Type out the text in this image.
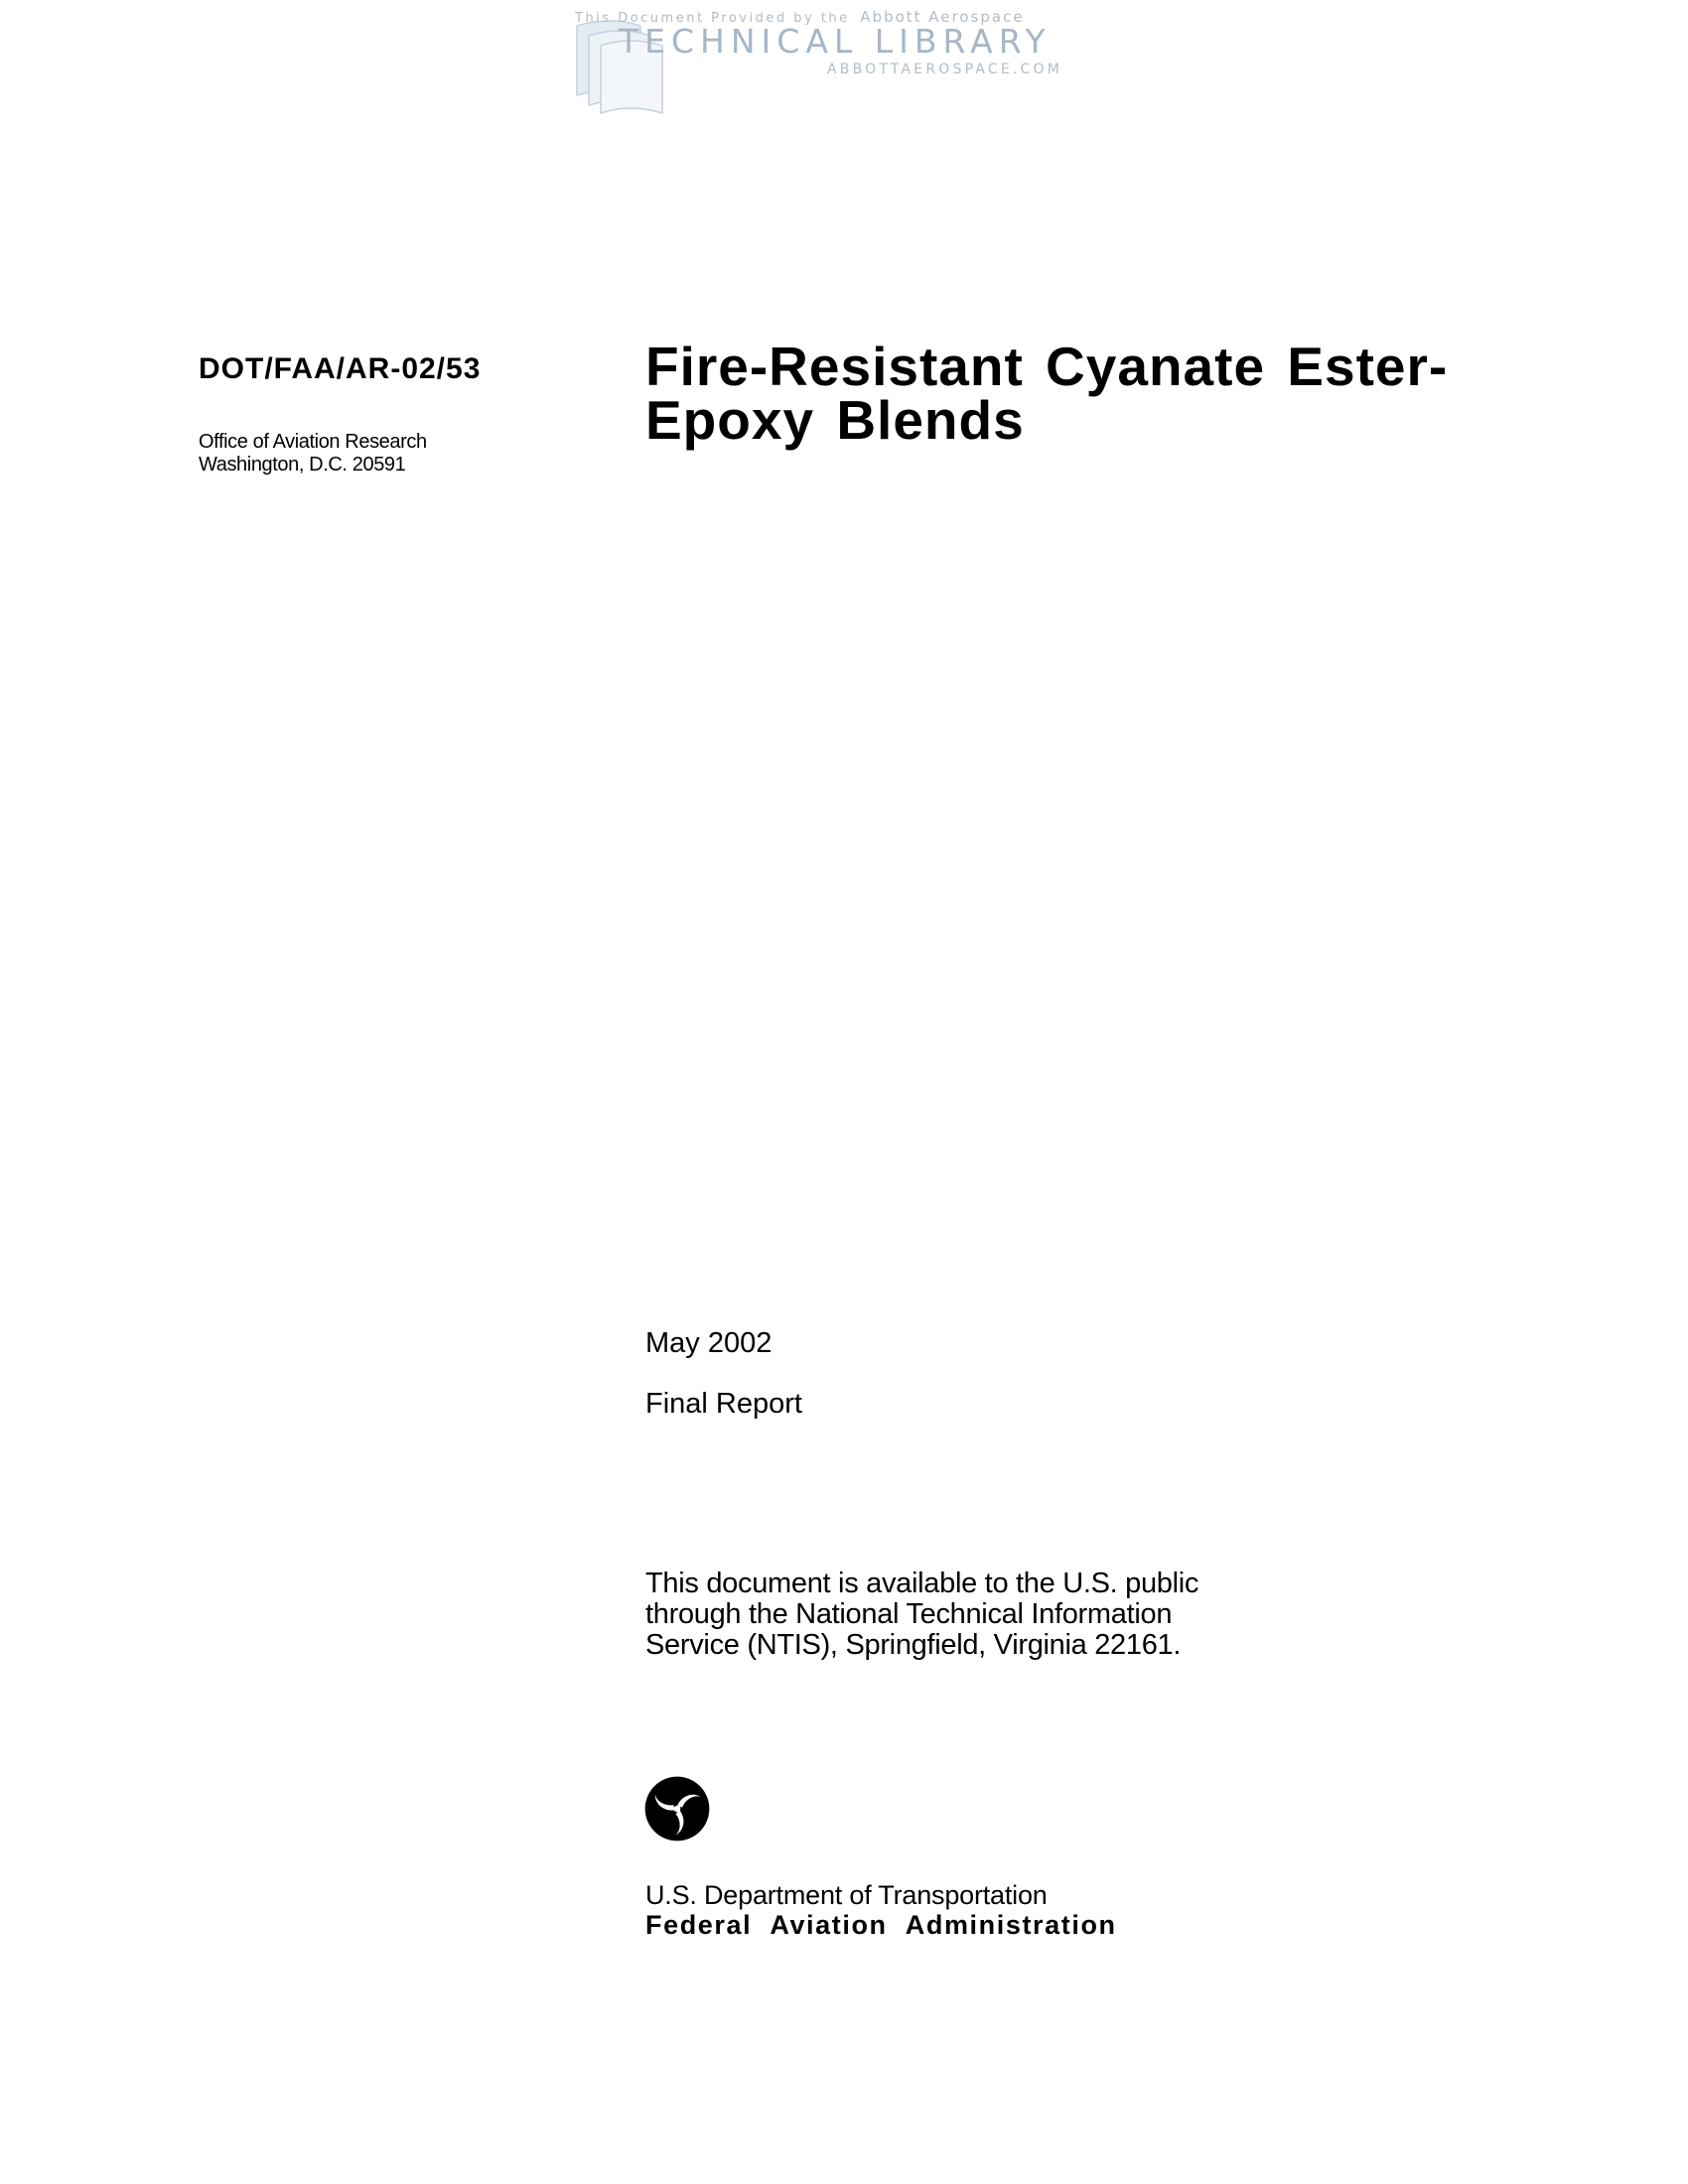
This Document Provided by the Abbott Aerospace
TECHNICAL LIBRARY
ABBOTTAEROSPACE.COM
DOT/FAA/AR-02/53
Office of Aviation Research
Washington, D.C. 20591
Fire-Resistant Cyanate Ester-
Epoxy Blends
May 2002
Final Report
This document is available to the U.S. public
through the National Technical Information
Service (NTIS), Springfield, Virginia 22161.
U.S. Department of Transportation
Federal Aviation Administration
